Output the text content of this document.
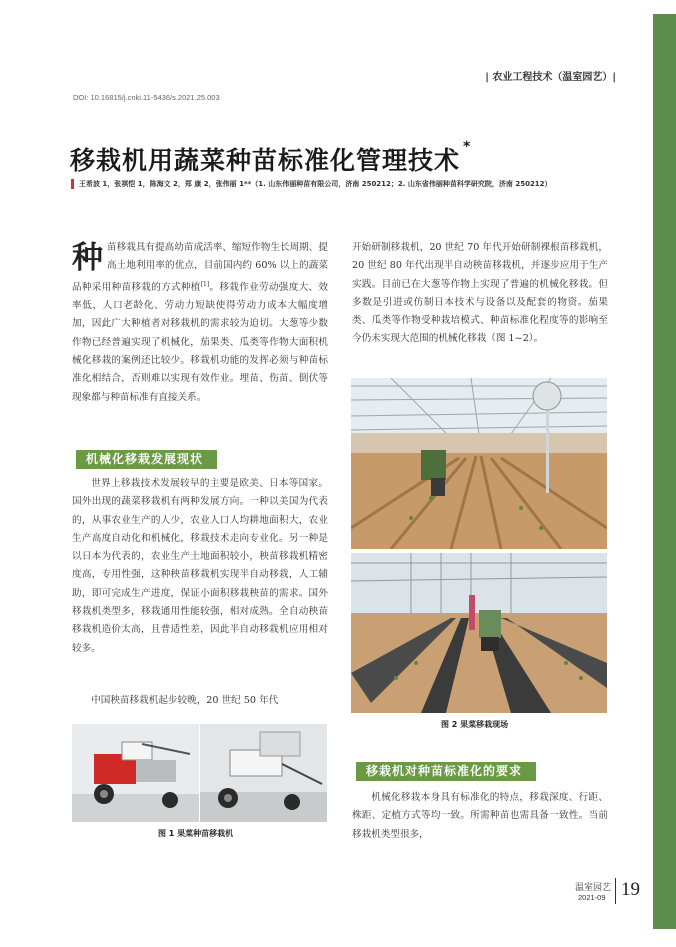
| 农业工程技术（温室园艺）|
DOI: 10.16815/j.cnki.11-5436/s.2021.25.003
移栽机用蔬菜种苗标准化管理技术 *
王希波 1，张祺恺 1，陈海文 2，郑 康 2，张伟丽 1**（1. 山东伟丽种苗有限公司，济南 250212；2. 山东省伟丽种苗科学研究院，济南 250212）
种苗移栽具有提高幼苗成活率、缩短作物生长周期、提高土地利用率的优点，目前国内约 60% 以上的蔬菜品种采用种苗移栽的方式种植[1]。移栽作业劳动强度大、效率低，人口老龄化、劳动力短缺使得劳动力成本大幅度增加，因此广大种植者对移栽机的需求较为迫切。大葱等少数作物已经普遍实现了机械化，茄果类、瓜类等作物大面积机械化移栽的案例还比较少。移栽机功能的发挥必须与种苗标准化相结合，否则难以实现有效作业。埋苗、伤苗、倒伏等现象都与种苗标准有直接关系。
机械化移栽发展现状
世界上移栽技术发展较早的主要是欧美、日本等国家。国外出现的蔬菜移栽机有两种发展方向。一种以美国为代表的，从事农业生产的人少，农业人口人均耕地面积大，农业生产高度自动化和机械化，移栽技术走向专业化。另一种是以日本为代表的，农业生产土地面积较小，秧苗移栽机精密度高，专用性强，这种秧苗移栽机实现半自动移栽，人工辅助，即可完成生产进度，保证小面积移栽秧苗的需求。国外移栽机类型多，移栽通用性能较强，相对成熟。全自动秧苗移栽机造价太高，且普适性差，因此半自动移栽机应用相对较多。
中国秧苗移栽机起步较晚，20 世纪 50 年代
开始研制移栽机，20 世纪 70 年代开始研制裸根苗移栽机，20 世纪 80 年代出现半自动秧苗移栽机，并逐步应用于生产实践。目前已在大葱等作物上实现了普遍的机械化移栽。但多数是引进或仿制日本技术与设备以及配套的物资。茄果类、瓜类等作物受种栽培模式、种苗标准化程度等的影响至今仍未实现大范围的机械化移栽（图 1~2）。
图 2 果菜移栽现场
图 1 果菜种苗移栽机
移栽机对种苗标准化的要求
机械化移栽本身具有标准化的特点，移栽深度、行距、株距、定植方式等均一致。所需种苗也需具备一致性。当前移栽机类型很多，
温室园艺
2021-09 19
